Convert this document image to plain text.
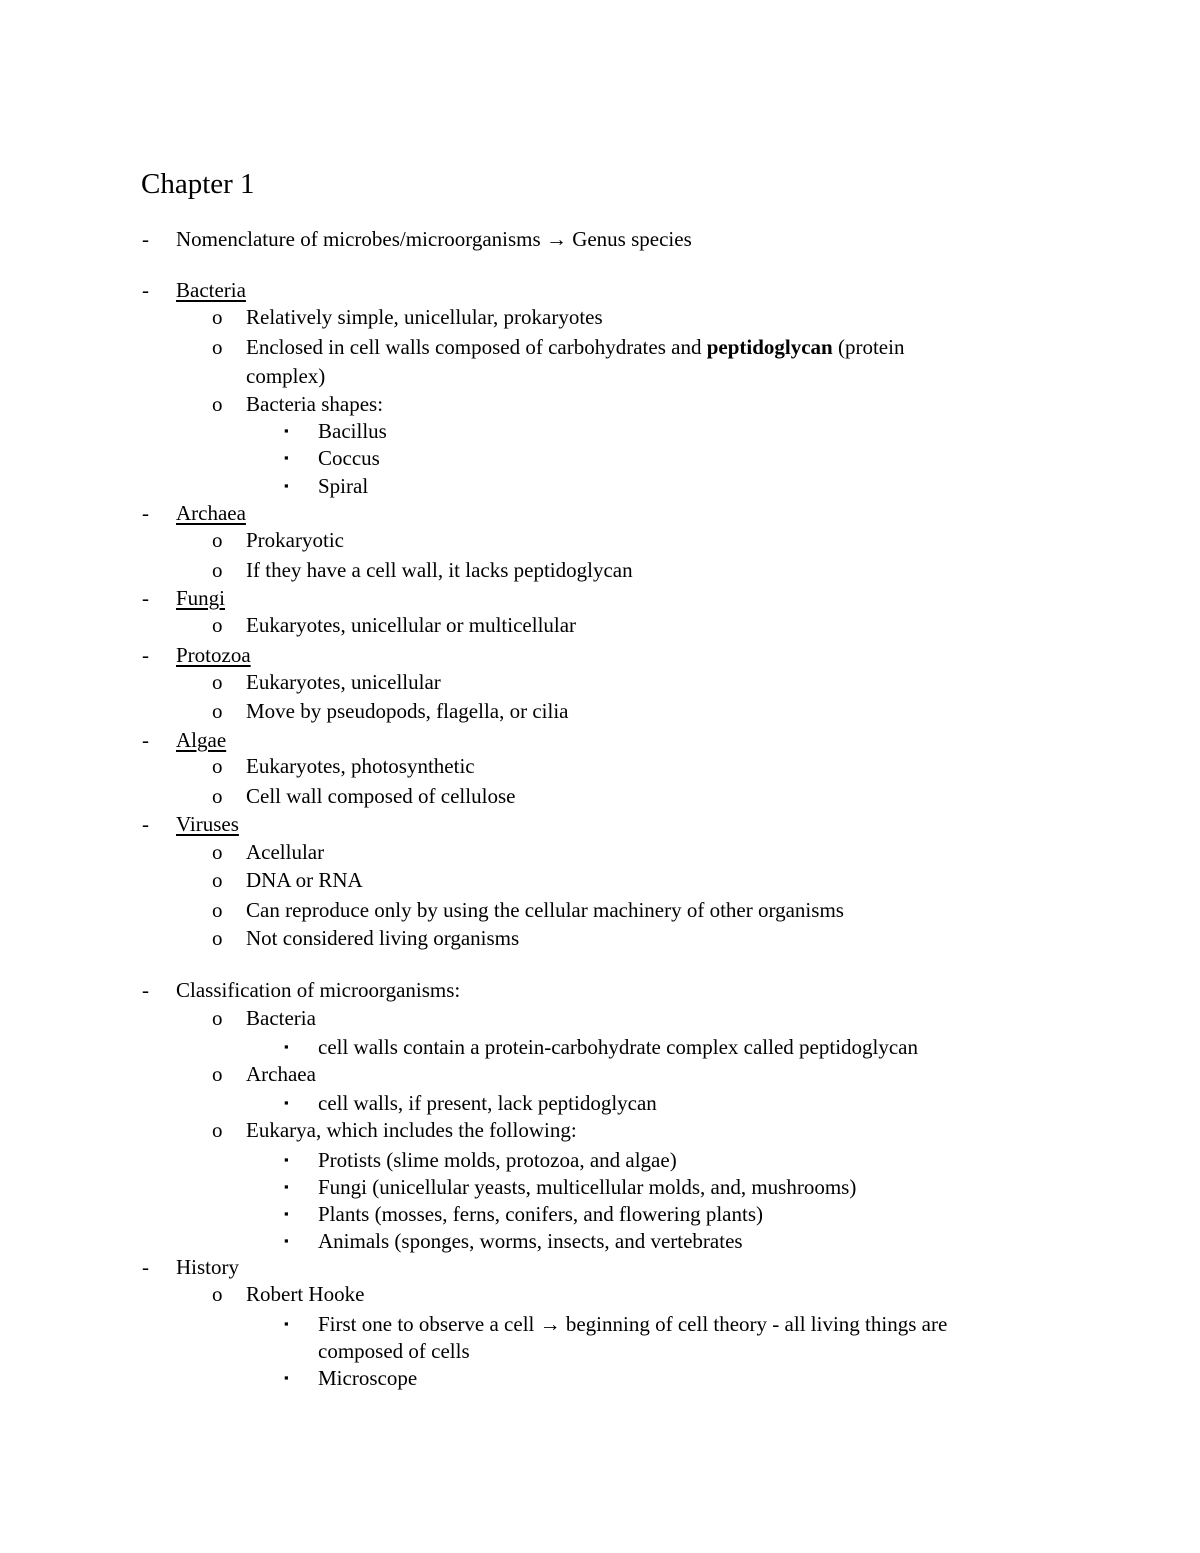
Chapter 1
- Nomenclature of microbes/microorganisms → Genus species
- Bacteria
o Relatively simple, unicellular, prokaryotes
o Enclosed in cell walls composed of carbohydrates and peptidoglycan (protein
complex)
o Bacteria shapes:
▪ Bacillus
▪ Coccus
▪ Spiral
- Archaea
o Prokaryotic
o If they have a cell wall, it lacks peptidoglycan
- Fungi
o Eukaryotes, unicellular or multicellular
- Protozoa
o Eukaryotes, unicellular
o Move by pseudopods, flagella, or cilia
- Algae
o Eukaryotes, photosynthetic
o Cell wall composed of cellulose
- Viruses
o Acellular
o DNA or RNA
o Can reproduce only by using the cellular machinery of other organisms
o Not considered living organisms
- Classification of microorganisms:
o Bacteria
▪ cell walls contain a protein-carbohydrate complex called peptidoglycan
o Archaea
▪ cell walls, if present, lack peptidoglycan
o Eukarya, which includes the following:
▪ Protists (slime molds, protozoa, and algae)
▪ Fungi (unicellular yeasts, multicellular molds, and, mushrooms)
▪ Plants (mosses, ferns, conifers, and flowering plants)
▪ Animals (sponges, worms, insects, and vertebrates
- History
o Robert Hooke
▪ First one to observe a cell → beginning of cell theory - all living things are
composed of cells
▪ Microscope
